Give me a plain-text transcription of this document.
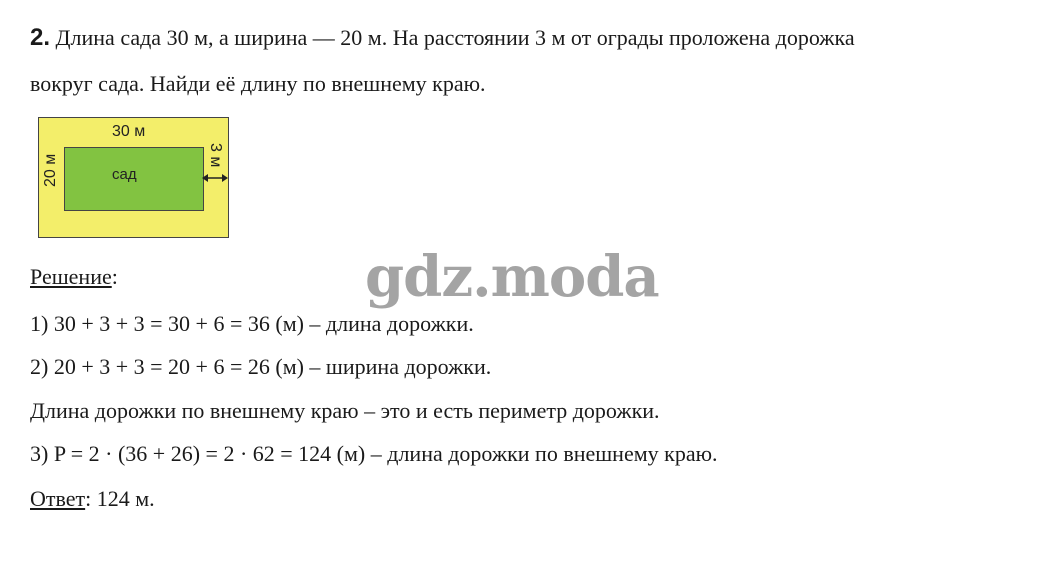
2. Длина сада 30 м, а ширина — 20 м. На расстоянии 3 м от ограды проложена дорожка
вокруг сада. Найди её длину по внешнему краю.
30 м
сад
20 м	3 м
gdz.moda
Решение:
1) 30 + 3 + 3 = 30 + 6 = 36 (м) – длина дорожки.
2) 20 + 3 + 3 = 20 + 6 = 26 (м) – ширина дорожки.
Длина дорожки по внешнему краю – это и есть периметр дорожки.
3) P = 2 · (36 + 26) = 2 · 62 = 124 (м) – длина дорожки по внешнему краю.
Ответ: 124 м.
